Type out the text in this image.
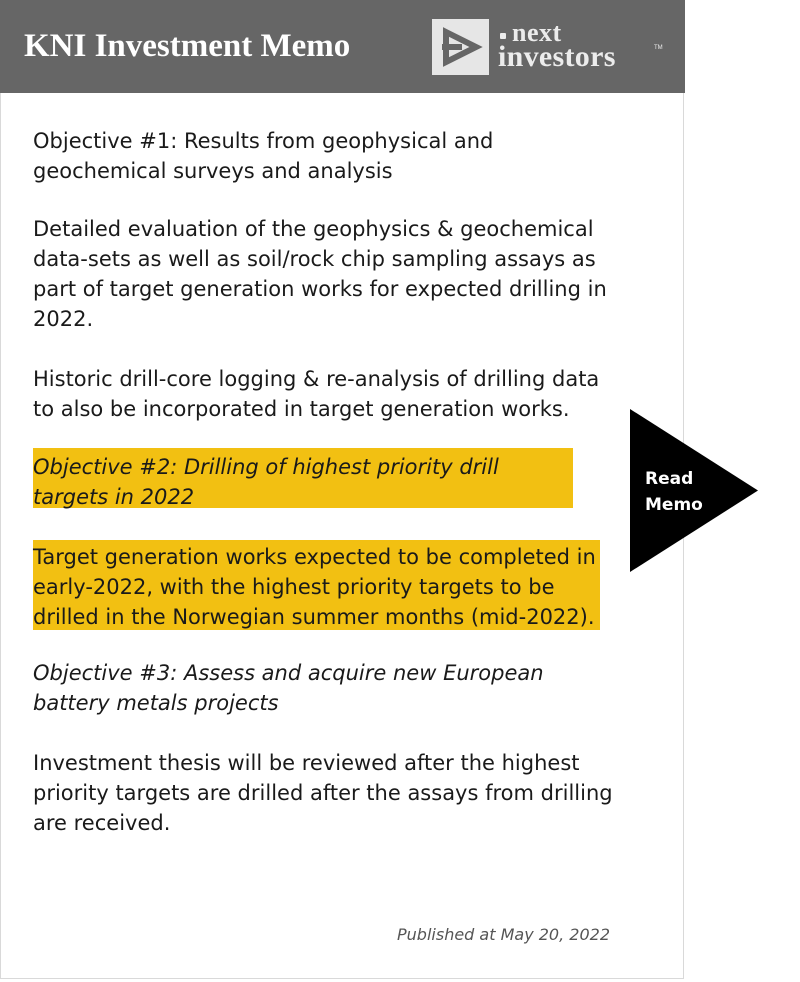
KNI Investment Memo	next
investors	TM

Objective #1: Results from geophysical and geochemical surveys and analysis

Detailed evaluation of the geophysics & geochemical data-sets as well as soil/rock chip sampling assays as part of target generation works for expected drilling in 2022.

Historic drill-core logging & re-analysis of drilling data to also be incorporated in target generation works.

Objective #2: Drilling of highest priority drill targets in 2022

Target generation works expected to be completed in early-2022, with the highest priority targets to be drilled in the Norwegian summer months (mid-2022).

Objective #3: Assess and acquire new European battery metals projects

Investment thesis will be reviewed after the highest priority targets are drilled after the assays from drilling are received.

Published at May 20, 2022
Read
Memo
